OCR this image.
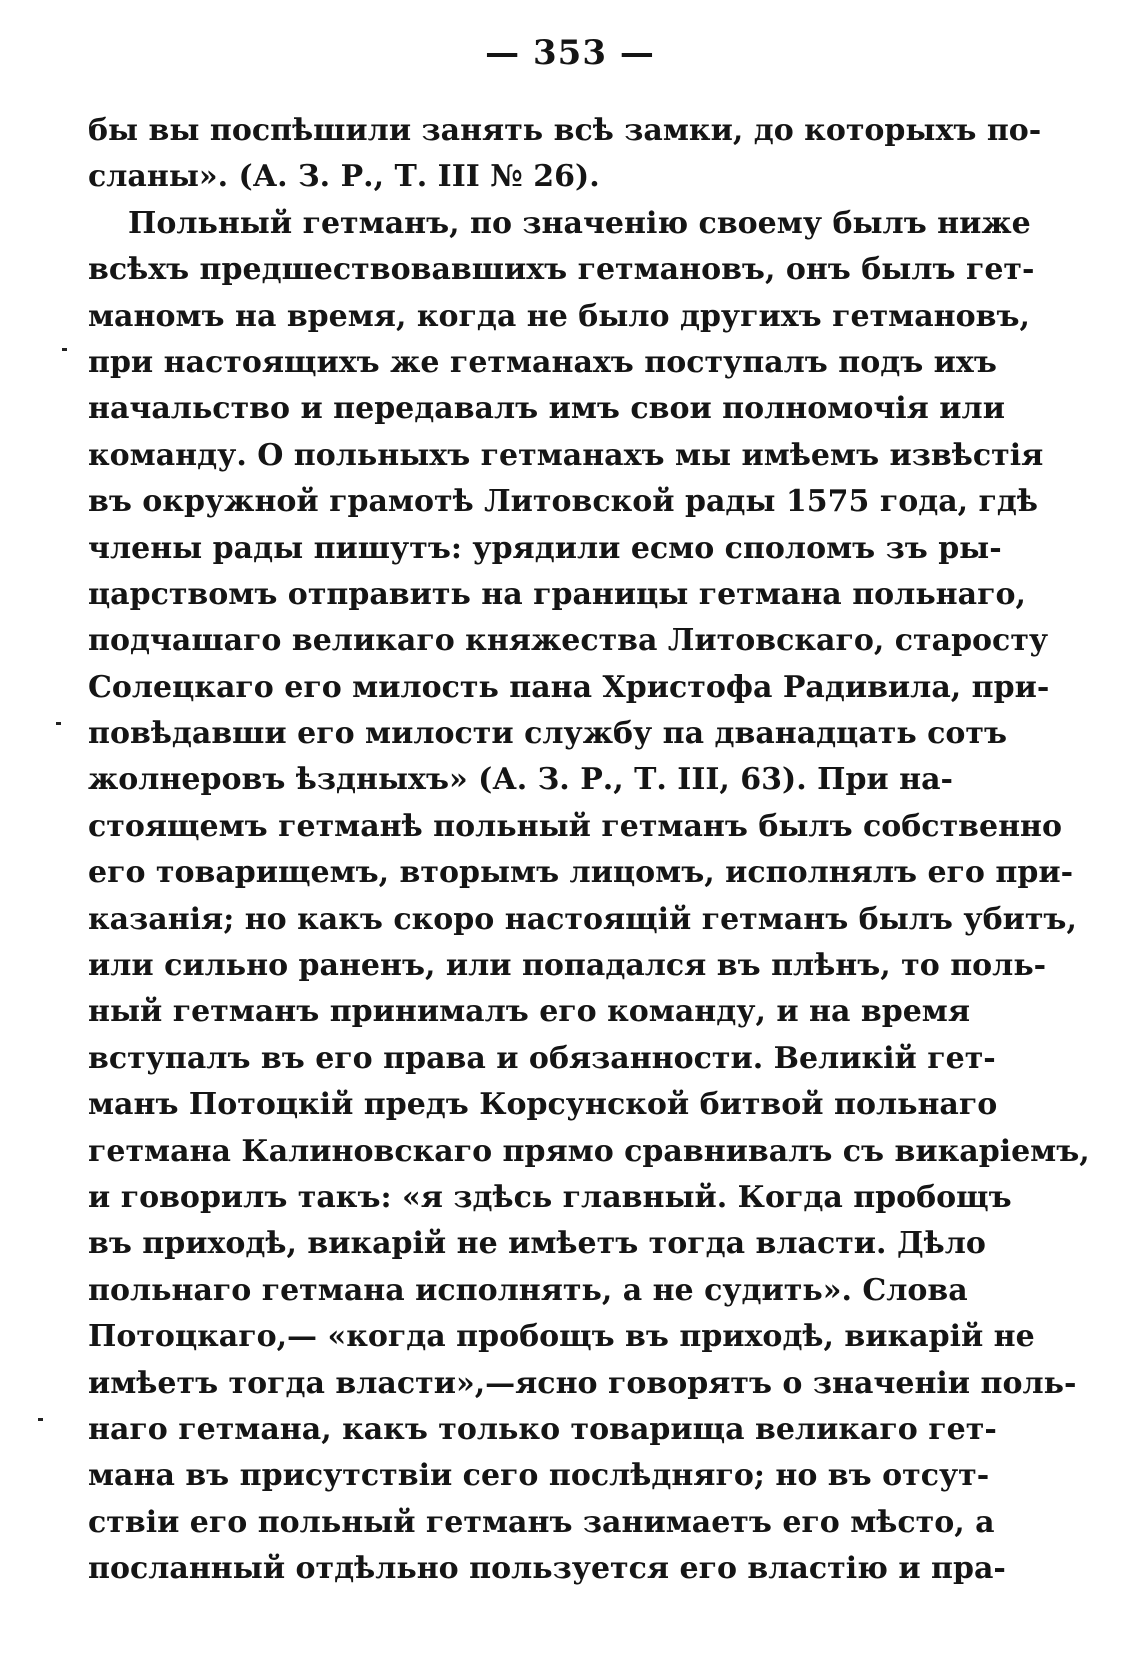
— 353 —
бы вы поспѣшили занять всѣ замки, до которыхъ по-
сланы». (А. З. Р., Т. III № 26).
Польный гетманъ, по значенію своему былъ ниже
всѣхъ предшествовавшихъ гетмановъ, онъ былъ гет-
маномъ на время, когда не было другихъ гетмановъ,
при настоящихъ же гетманахъ поступалъ подъ ихъ
начальство и передавалъ имъ свои полномочія или
команду. О польныхъ гетманахъ мы имѣемъ извѣстія
въ окружной грамотѣ Литовской рады 1575 года, гдѣ
члены рады пишутъ: урядили есмо споломъ зъ ры-
царствомъ отправить на границы гетмана польнаго,
подчашаго великаго княжества Литовскаго, старосту
Солецкаго его милость пана Христофа Радивила, при-
повѣдавши его милости службу па дванадцать сотъ
жолнеровъ ѣздныхъ» (А. З. Р., Т. III, 63). При на-
стоящемъ гетманѣ польный гетманъ былъ собственно
его товарищемъ, вторымъ лицомъ, исполнялъ его при-
казанія; но какъ скоро настоящій гетманъ былъ убитъ,
или сильно раненъ, или попадался въ плѣнъ, то поль-
ный гетманъ принималъ его команду, и на время
вступалъ въ его права и обязанности. Великій гет-
манъ Потоцкій предъ Корсунской битвой польнаго
гетмана Калиновскаго прямо сравнивалъ съ викаріемъ,
и говорилъ такъ: «я здѣсь главный. Когда пробощъ
въ приходѣ, викарій не имѣетъ тогда власти. Дѣло
польнаго гетмана исполнять, а не судить». Слова
Потоцкаго,— «когда пробощъ въ приходѣ, викарій не
имѣетъ тогда власти»,—ясно говорятъ о значеніи поль-
наго гетмана, какъ только товарища великаго гет-
мана въ присутствіи сего послѣдняго; но въ отсут-
ствіи его польный гетманъ занимаетъ его мѣсто, а
посланный отдѣльно пользуется его властію и пра-
